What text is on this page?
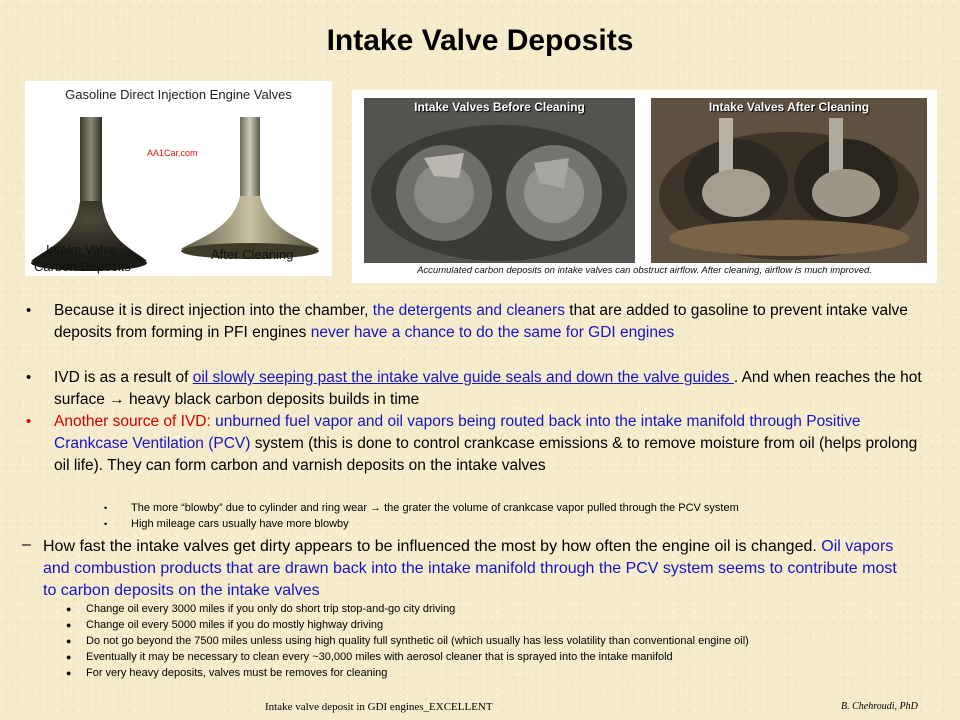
Intake Valve Deposits
Gasoline Direct Injection Engine Valves
AA1Car.com
Intake Valve
Carbon Deposits
After Cleaning
Intake Valves Before Cleaning	Intake Valves After Cleaning
Accumulated carbon deposits on intake valves can obstruct airflow. After cleaning, airflow is much improved.
• Because it is direct injection into the chamber, the detergents and cleaners that are added to gasoline to prevent intake valve deposits from forming in PFI engines never have a chance to do the same for GDI engines
• IVD is as a result of oil slowly seeping past the intake valve guide seals and down the valve guides . And when reaches the hot surface → heavy black carbon deposits builds in time
• Another source of IVD: unburned fuel vapor and oil vapors being routed back into the intake manifold through Positive Crankcase Ventilation (PCV) system (this is done to control crankcase emissions & to remove moisture from oil (helps prolong oil life). They can form carbon and varnish deposits on the intake valves
• The more “blowby” due to cylinder and ring wear → the grater the volume of crankcase vapor pulled through the PCV system
• High mileage cars usually have more blowby
– How fast the intake valves get dirty appears to be influenced the most by how often the engine oil is changed. Oil vapors and combustion products that are drawn back into the intake manifold through the PCV system seems to contribute most to carbon deposits on the intake valves
● Change oil every 3000 miles if you only do short trip stop-and-go city driving
● Change oil every 5000 miles if you do mostly highway driving
● Do not go beyond the 7500 miles unless using high quality full synthetic oil (which usually has less volatility than conventional engine oil)
● Eventually it may be necessary to clean every ~30,000 miles with aerosol cleaner that is sprayed into the intake manifold
● For very heavy deposits, valves must be removes for cleaning
Intake valve deposit in GDI engines_EXCELLENT	B. Chehroudi, PhD
